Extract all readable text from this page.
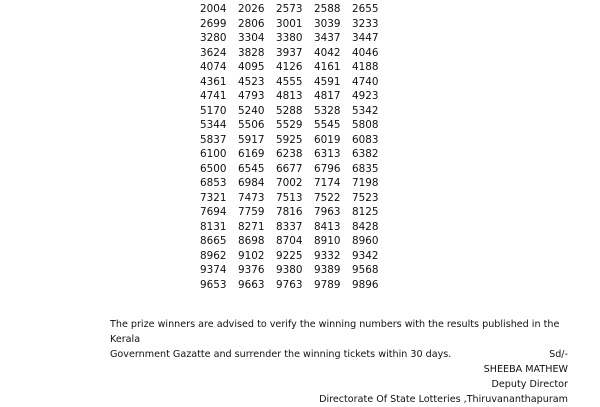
2004	2026	2573	2588	2655
2699	2806	3001	3039	3233
3280	3304	3380	3437	3447
3624	3828	3937	4042	4046
4074	4095	4126	4161	4188
4361	4523	4555	4591	4740
4741	4793	4813	4817	4923
5170	5240	5288	5328	5342
5344	5506	5529	5545	5808
5837	5917	5925	6019	6083
6100	6169	6238	6313	6382
6500	6545	6677	6796	6835
6853	6984	7002	7174	7198
7321	7473	7513	7522	7523
7694	7759	7816	7963	8125
8131	8271	8337	8413	8428
8665	8698	8704	8910	8960
8962	9102	9225	9332	9342
9374	9376	9380	9389	9568
9653	9663	9763	9789	9896
The prize winners are advised to verify the winning numbers with the results published in the Kerala
Government Gazatte and surrender the winning tickets within 30 days.	Sd/-
SHEEBA MATHEW
Deputy Director
Directorate Of State Lotteries ,Thiruvananthapuram
